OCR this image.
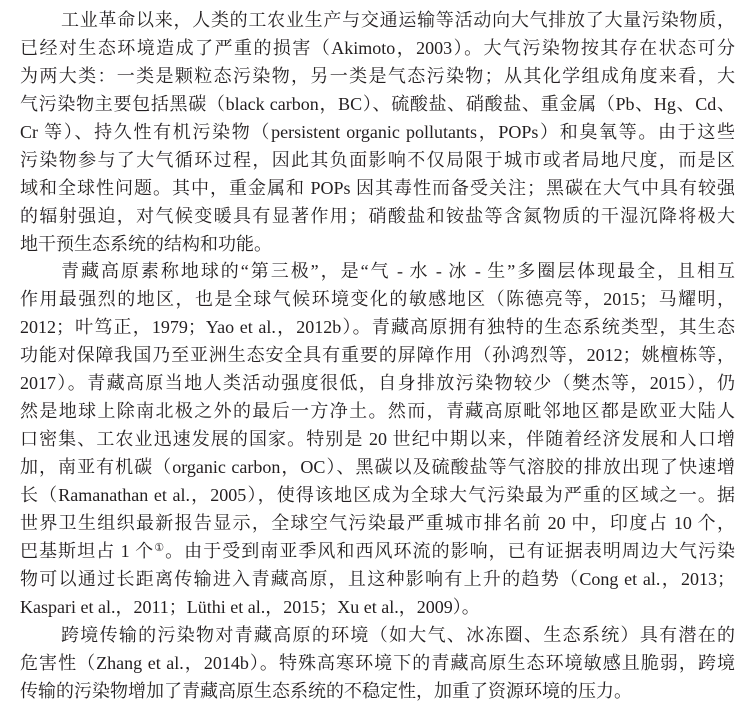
工业革命以来，人类的工农业生产与交通运输等活动向大气排放了大量污染物质，
已经对生态环境造成了严重的损害（Akimoto，2003）。大气污染物按其存在状态可分
为两大类：一类是颗粒态污染物，另一类是气态污染物；从其化学组成角度来看，大
气污染物主要包括黑碳（black carbon，BC）、硫酸盐、硝酸盐、重金属（Pb、Hg、Cd、
Cr 等）、持久性有机污染物（persistent organic pollutants，POPs）和臭氧等。由于这些
污染物参与了大气循环过程，因此其负面影响不仅局限于城市或者局地尺度，而是区
域和全球性问题。其中，重金属和 POPs 因其毒性而备受关注；黑碳在大气中具有较强
的辐射强迫，对气候变暖具有显著作用；硝酸盐和铵盐等含氮物质的干湿沉降将极大
地干预生态系统的结构和功能。
青藏高原素称地球的“第三极”，是“气 - 水 - 冰 - 生”多圈层体现最全，且相互
作用最强烈的地区，也是全球气候环境变化的敏感地区（陈德亮等，2015；马耀明，
2012；叶笃正，1979；Yao et al.，2012b）。青藏高原拥有独特的生态系统类型，其生态
功能对保障我国乃至亚洲生态安全具有重要的屏障作用（孙鸿烈等，2012；姚檀栋等，
2017）。青藏高原当地人类活动强度很低，自身排放污染物较少（樊杰等，2015），仍
然是地球上除南北极之外的最后一方净土。然而，青藏高原毗邻地区都是欧亚大陆人
口密集、工农业迅速发展的国家。特别是 20 世纪中期以来，伴随着经济发展和人口增
加，南亚有机碳（organic carbon，OC）、黑碳以及硫酸盐等气溶胶的排放出现了快速增
长（Ramanathan et al.，2005），使得该地区成为全球大气污染最为严重的区域之一。据
世界卫生组织最新报告显示，全球空气污染最严重城市排名前 20 中，印度占 10 个，
巴基斯坦占 1 个①。由于受到南亚季风和西风环流的影响，已有证据表明周边大气污染
物可以通过长距离传输进入青藏高原，且这种影响有上升的趋势（Cong et al.，2013；
Kaspari et al.，2011；Lüthi et al.，2015；Xu et al.，2009）。
跨境传输的污染物对青藏高原的环境（如大气、冰冻圈、生态系统）具有潜在的
危害性（Zhang et al.，2014b）。特殊高寒环境下的青藏高原生态环境敏感且脆弱，跨境
传输的污染物增加了青藏高原生态系统的不稳定性，加重了资源环境的压力。
